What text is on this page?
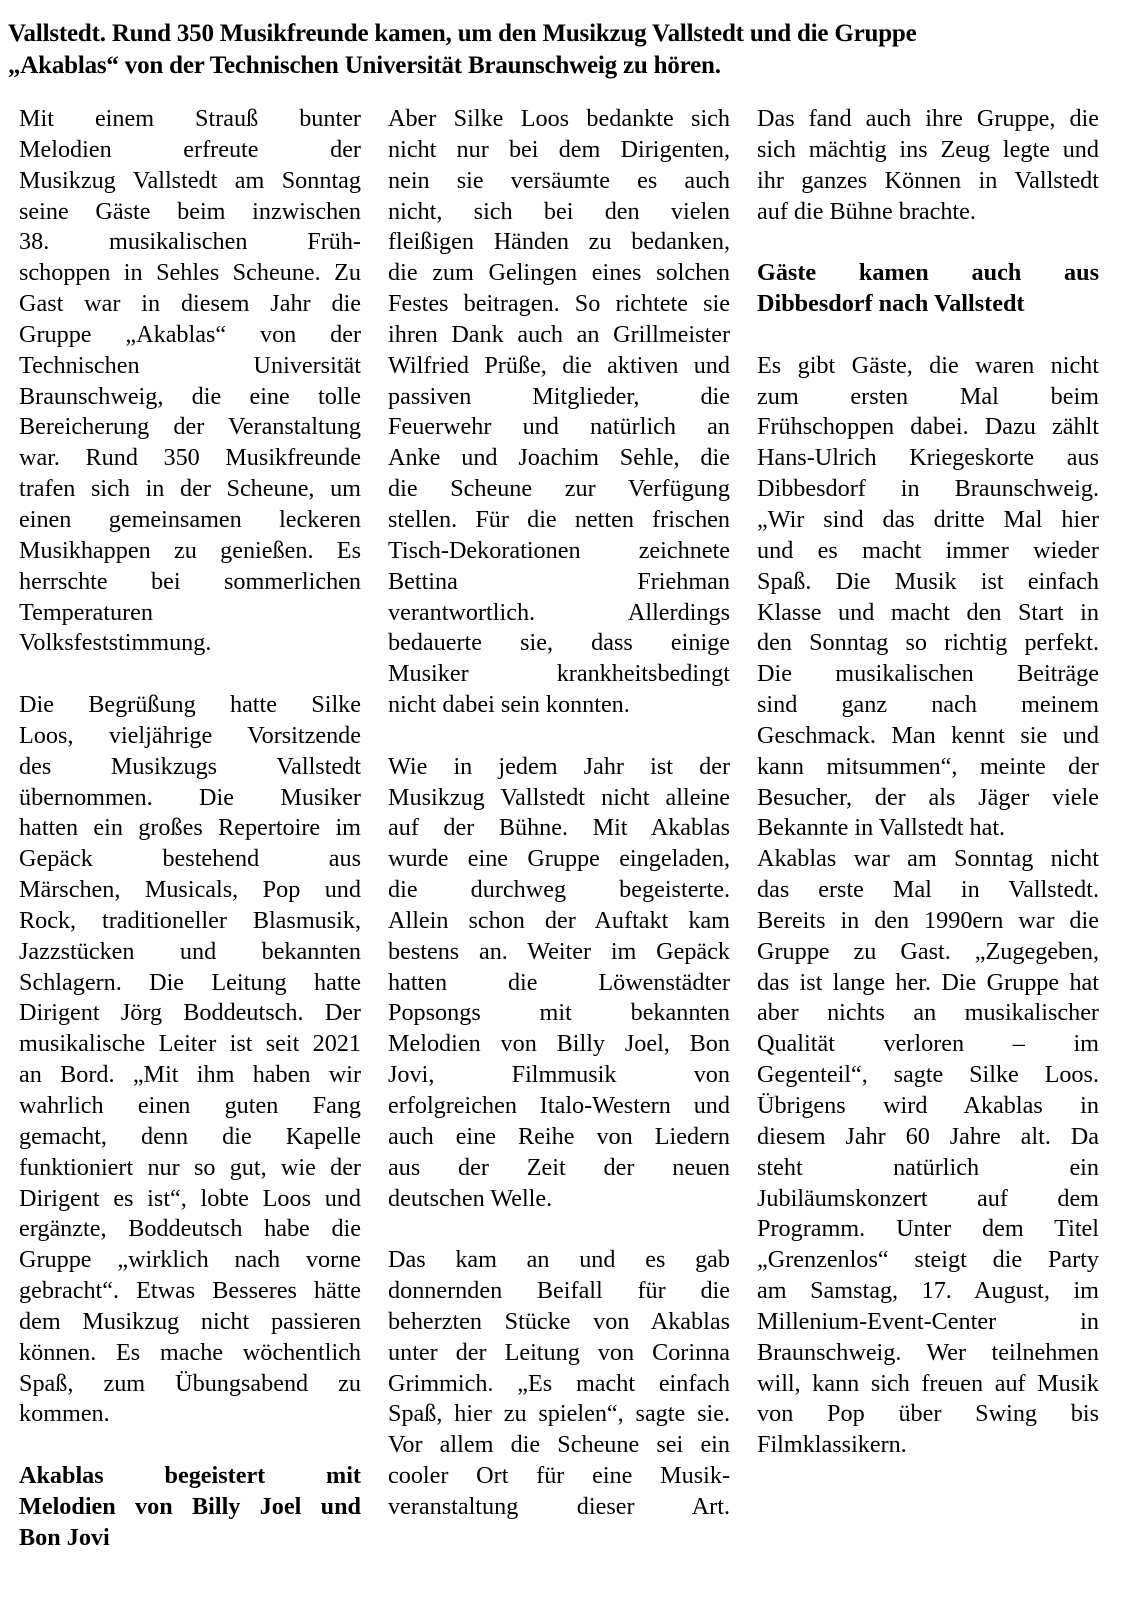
Vallstedt. Rund 350 Musikfreunde kamen, um den Musikzug Vallstedt und die Gruppe
„Akablas“ von der Technischen Universität Braunschweig zu hören.
Mit einem Strauß bunter
Melodien erfreute der
Musikzug Vallstedt am Sonntag
seine Gäste beim inzwischen
38. musikalischen Früh-
schoppen in Sehles Scheune. Zu
Gast war in diesem Jahr die
Gruppe „Akablas“ von der
Technischen Universität
Braunschweig, die eine tolle
Bereicherung der Veranstaltung
war. Rund 350 Musikfreunde
trafen sich in der Scheune, um
einen gemeinsamen leckeren
Musikhappen zu genießen. Es
herrschte bei sommerlichen
Temperaturen
Volksfeststimmung.
Die Begrüßung hatte Silke
Loos, vieljährige Vorsitzende
des Musikzugs Vallstedt
übernommen. Die Musiker
hatten ein großes Repertoire im
Gepäck bestehend aus
Märschen, Musicals, Pop und
Rock, traditioneller Blasmusik,
Jazzstücken und bekannten
Schlagern. Die Leitung hatte
Dirigent Jörg Boddeutsch. Der
musikalische Leiter ist seit 2021
an Bord. „Mit ihm haben wir
wahrlich einen guten Fang
gemacht, denn die Kapelle
funktioniert nur so gut, wie der
Dirigent es ist“, lobte Loos und
ergänzte, Boddeutsch habe die
Gruppe „wirklich nach vorne
gebracht“. Etwas Besseres hätte
dem Musikzug nicht passieren
können. Es mache wöchentlich
Spaß, zum Übungsabend zu
kommen.
Akablas begeistert mit
Melodien von Billy Joel und
Bon Jovi
Aber Silke Loos bedankte sich
nicht nur bei dem Dirigenten,
nein sie versäumte es auch
nicht, sich bei den vielen
fleißigen Händen zu bedanken,
die zum Gelingen eines solchen
Festes beitragen. So richtete sie
ihren Dank auch an Grillmeister
Wilfried Prüße, die aktiven und
passiven Mitglieder, die
Feuerwehr und natürlich an
Anke und Joachim Sehle, die
die Scheune zur Verfügung
stellen. Für die netten frischen
Tisch-Dekorationen zeichnete
Bettina Friehman
verantwortlich. Allerdings
bedauerte sie, dass einige
Musiker krankheitsbedingt
nicht dabei sein konnten.
Wie in jedem Jahr ist der
Musikzug Vallstedt nicht alleine
auf der Bühne. Mit Akablas
wurde eine Gruppe eingeladen,
die durchweg begeisterte.
Allein schon der Auftakt kam
bestens an. Weiter im Gepäck
hatten die Löwenstädter
Popsongs mit bekannten
Melodien von Billy Joel, Bon
Jovi, Filmmusik von
erfolgreichen Italo-Western und
auch eine Reihe von Liedern
aus der Zeit der neuen
deutschen Welle.
Das kam an und es gab
donnernden Beifall für die
beherzten Stücke von Akablas
unter der Leitung von Corinna
Grimmich. „Es macht einfach
Spaß, hier zu spielen“, sagte sie.
Vor allem die Scheune sei ein
cooler Ort für eine Musik-
veranstaltung dieser Art.
Das fand auch ihre Gruppe, die
sich mächtig ins Zeug legte und
ihr ganzes Können in Vallstedt
auf die Bühne brachte.
Gäste kamen auch aus
Dibbesdorf nach Vallstedt
Es gibt Gäste, die waren nicht
zum ersten Mal beim
Frühschoppen dabei. Dazu zählt
Hans-Ulrich Kriegeskorte aus
Dibbesdorf in Braunschweig.
„Wir sind das dritte Mal hier
und es macht immer wieder
Spaß. Die Musik ist einfach
Klasse und macht den Start in
den Sonntag so richtig perfekt.
Die musikalischen Beiträge
sind ganz nach meinem
Geschmack. Man kennt sie und
kann mitsummen“, meinte der
Besucher, der als Jäger viele
Bekannte in Vallstedt hat.
Akablas war am Sonntag nicht
das erste Mal in Vallstedt.
Bereits in den 1990ern war die
Gruppe zu Gast. „Zugegeben,
das ist lange her. Die Gruppe hat
aber nichts an musikalischer
Qualität verloren – im
Gegenteil“, sagte Silke Loos.
Übrigens wird Akablas in
diesem Jahr 60 Jahre alt. Da
steht natürlich ein
Jubiläumskonzert auf dem
Programm. Unter dem Titel
„Grenzenlos“ steigt die Party
am Samstag, 17. August, im
Millenium-Event-Center in
Braunschweig. Wer teilnehmen
will, kann sich freuen auf Musik
von Pop über Swing bis
Filmklassikern.
